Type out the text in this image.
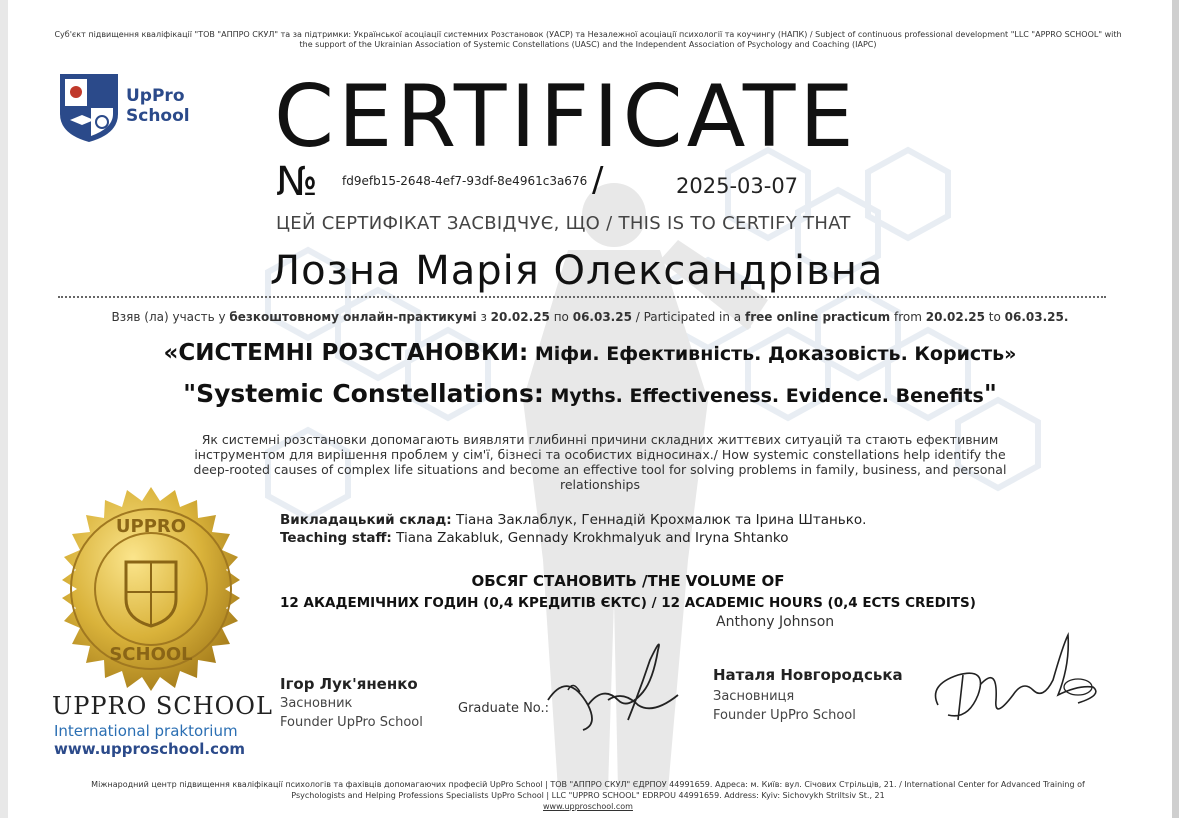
Суб'єкт підвищення кваліфікації "ТОВ "АППРО СКУЛ" та за підтримки: Української асоціації системних Розстановок (УАСР) та Незалежної асоціації психології та коучингу (НАПК) / Subject of continuous professional development "LLC "APPRO SCHOOL" with the support of the Ukrainian Association of Systemic Constellations (UASC) and the Independent Association of Psychology and Coaching (IAPC)
UpPro
School CERTIFICATE
№ fd9efb15-2648-4ef7-93df-8e4961c3a676 /	2025-03-07
ЦЕЙ СЕРТИФІКАТ ЗАСВІДЧУЄ, ЩО / THIS IS TO CERTIFY THAT
Лозна Марія Олександрівна
Взяв (ла) участь у безкоштовному онлайн-практикумі з 20.02.25 по 06.03.25 / Participated in a free online practicum from 20.02.25 to 06.03.25.
«СИСТЕМНІ РОЗСТАНОВКИ: Міфи. Ефективність. Доказовість. Користь»
"Systemic Constellations: Myths. Effectiveness. Evidence. Benefits"
Як системні розстановки допомагають виявляти глибинні причини складних життєвих ситуацій та стають ефективним інструментом для вирішення проблем у сім'ї, бізнесі та особистих відносинах./ How systemic constellations help identify the deep-rooted causes of complex life situations and become an effective tool for solving problems in family, business, and personal relationships
Викладацький склад: Тіана Заклаблук, Геннадій Крохмалюк та Ірина Штанько.
Teaching staff: Tiana Zakabluk, Gennady Krokhmalyuk and Iryna Shtanko
ОБСЯГ СТАНОВИТЬ /THE VOLUME OF
12 АКАДЕМІЧНИХ ГОДИН (0,4 КРЕДИТІВ ЄКТС) / 12 ACADEMIC HOURS (0,4 ECTS CREDITS)
Anthony Johnson
UPPRO
SCHOOL
UPPRO SCHOOL
International praktorium
www.upproschool.com
Ігор Лук'яненко
Засновник
Founder UpPro School
Graduate No.:
Наталя Новгородська
Засновниця
Founder UpPro School
Міжнародний центр підвищення кваліфікації психологів та фахівців допомагаючих професій UpPro School | ТОВ "АППРО СКУЛ" ЄДРПОУ 44991659. Адреса: м. Київ: вул. Січових Стрільців, 21. / International Center for Advanced Training of
Psychologists and Helping Professions Specialists UpPro School | LLC "UPPRO SCHOOL" EDRPOU 44991659. Address: Kyiv: Sichovykh Striltsiv St., 21
www.upproschool.com
